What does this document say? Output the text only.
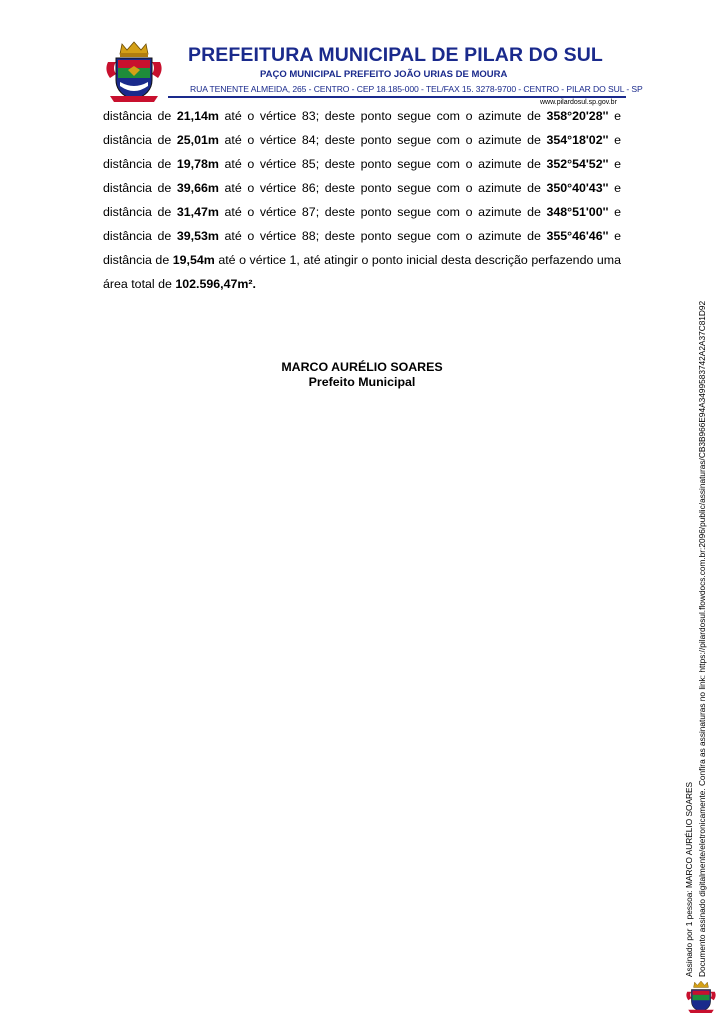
PREFEITURA MUNICIPAL DE PILAR DO SUL
PAÇO MUNICIPAL PREFEITO JOÃO URIAS DE MOURA
RUA TENENTE ALMEIDA, 265 - CENTRO - CEP 18.185-000 - TEL/FAX 15. 3278-9700 - CENTRO - PILAR DO SUL - SP
www.pilardosul.sp.gov.br
distância de 21,14m até o vértice 83; deste ponto segue com o azimute de 358°20'28'' e distância de 25,01m até o vértice 84; deste ponto segue com o azimute de 354°18'02'' e distância de 19,78m até o vértice 85; deste ponto segue com o azimute de 352°54'52'' e distância de 39,66m até o vértice 86; deste ponto segue com o azimute de 350°40'43'' e distância de 31,47m até o vértice 87; deste ponto segue com o azimute de 348°51'00'' e distância de 39,53m até o vértice 88; deste ponto segue com o azimute de 355°46'46'' e distância de 19,54m até o vértice 1, até atingir o ponto inicial desta descrição perfazendo uma área total de 102.596,47m².
MARCO AURÉLIO SOARES
Prefeito Municipal
Assinado por 1 pessoa: MARCO AURÉLIO SOARES Documento assinado digitalmente/eletronicamente. Confira as assinaturas no link: https://pilardosul.flowdocs.com.br:2096/public/assinaturas/CB3B966E94A3499583742A2A37C81D92
